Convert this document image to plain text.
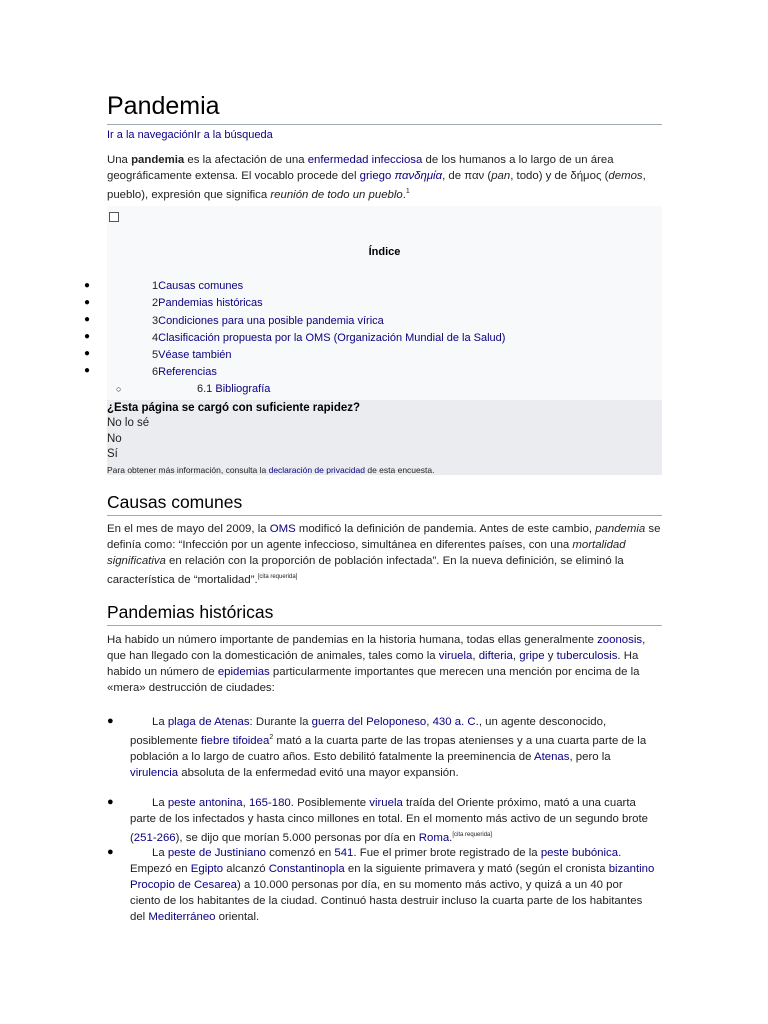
Pandemia
Ir a la navegaciónIr a la búsqueda
Una pandemia es la afectación de una enfermedad infecciosa de los humanos a lo largo de un área geográficamente extensa. El vocablo procede del griego πανδημία, de παν (pan, todo) y de δήμος (demos, pueblo), expresión que significa reunión de todo un pueblo.$^1$
Índice
●
●
●
●
●
●
1Causas comunes
2Pandemias históricas
3Condiciones para una posible pandemia vírica
4Clasificación propuesta por la OMS (Organización Mundial de la Salud)
5Véase también
6Referencias
○	6.1 Bibliografía
¿Esta página se cargó con suficiente rapidez?
No lo sé
No
Sí
Para obtener más información, consulta la declaración de privacidad de esta encuesta.
Causas comunes
En el mes de mayo del 2009, la OMS modificó la definición de pandemia. Antes de este cambio, pandemia se definía como: “Infección por un agente infeccioso, simultánea en diferentes países, con una mortalidad significativa en relación con la proporción de población infectada”. En la nueva definición, se eliminó la característica de “mortalidad”.[cita requerida]
Pandemias históricas
Ha habido un número importante de pandemias en la historia humana, todas ellas generalmente zoonosis, que han llegado con la domesticación de animales, tales como la viruela, difteria, gripe y tuberculosis. Ha habido un número de epidemias particularmente importantes que merecen una mención por encima de la «mera» destrucción de ciudades:
●	La plaga de Atenas: Durante la guerra del Peloponeso, 430 a. C., un agente desconocido, posiblemente fiebre tifoidea$^2$ mató a la cuarta parte de las tropas atenienses y a una cuarta parte de la población a lo largo de cuatro años. Esto debilitó fatalmente la preeminencia de Atenas, pero la virulencia absoluta de la enfermedad evitó una mayor expansión.
●	La peste antonina, 165-180. Posiblemente viruela traída del Oriente próximo, mató a una cuarta parte de los infectados y hasta cinco millones en total. En el momento más activo de un segundo brote (251-266), se dijo que morían 5.000 personas por día en Roma.[cita requerida]
●	La peste de Justiniano comenzó en 541. Fue el primer brote registrado de la peste bubónica. Empezó en Egipto alcanzó Constantinopla en la siguiente primavera y mató (según el cronista bizantino Procopio de Cesarea) a 10.000 personas por día, en su momento más activo, y quizá a un 40 por ciento de los habitantes de la ciudad. Continuó hasta destruir incluso la cuarta parte de los habitantes del Mediterráneo oriental.
